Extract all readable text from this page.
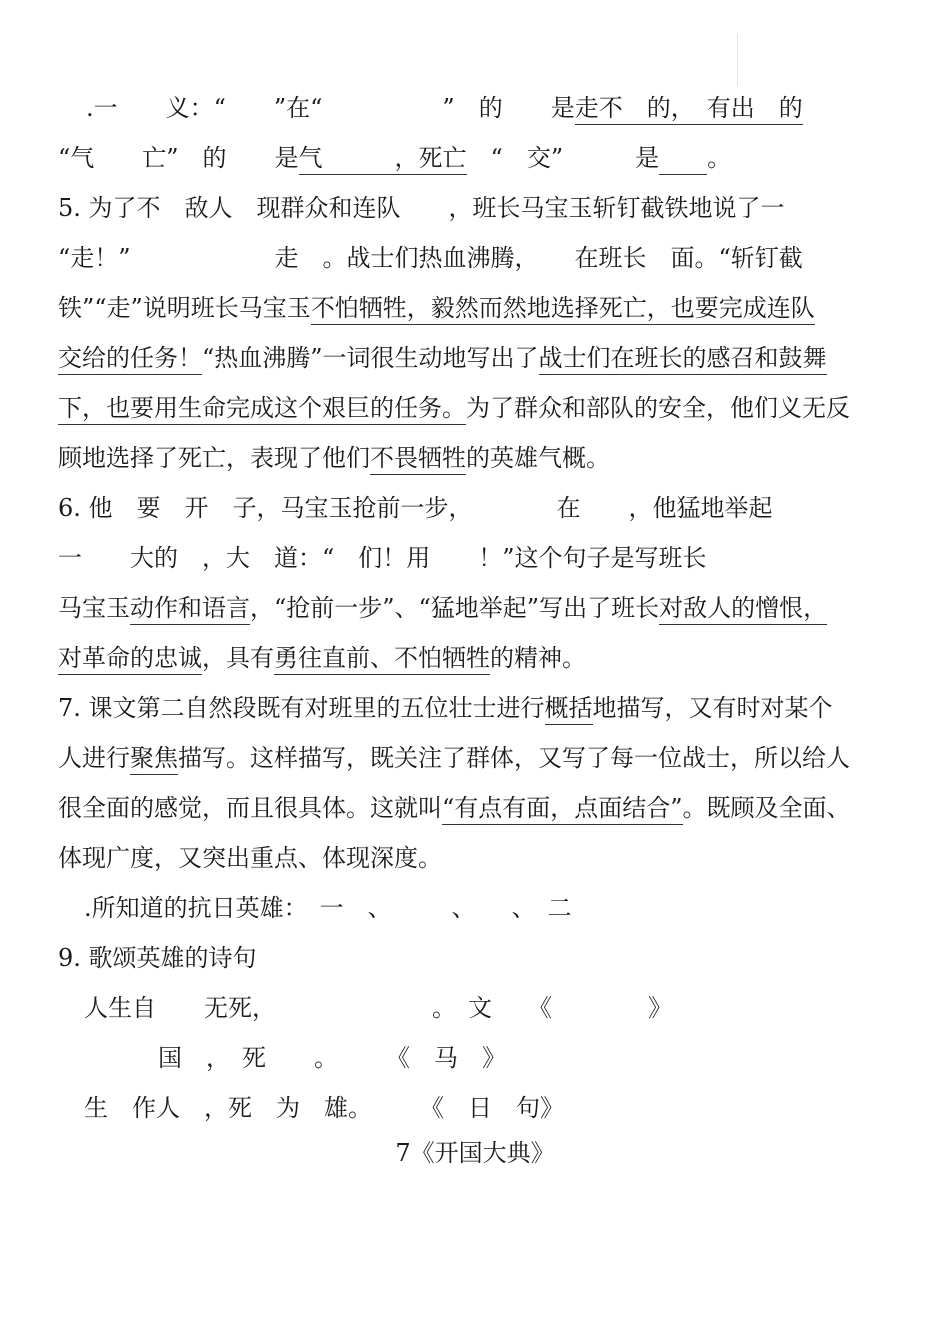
.一　　义：“　　”在“　　　　　”　的　　是走不　的，　有出　的
“气　　亡”　的　　是气　　　，死亡　“　交”　　　是　　 。
5. 为了不　敌人　现群众和连队　　，班长马宝玉斩钉截铁地说了一
“走！”　　　　　　走　。战士们热血沸腾，　　在班长　面。“斩钉截
铁”“走”说明班长马宝玉不怕牺牲，毅然而然地选择死亡，也要完成连队
交给的任务！“热血沸腾”一词很生动地写出了战士们在班长的感召和鼓舞
下，也要用生命完成这个艰巨的任务。为了群众和部队的安全，他们义无反
顾地选择了死亡，表现了他们不畏牺牲的英雄气概。
6. 他　要　开　子，马宝玉抢前一步，　　　　在　　，他猛地举起
一　　大的　，大　道：“　们！用　　！”这个句子是写班长
马宝玉动作和语言，“抢前一步”、“猛地举起”写出了班长对敌人的憎恨，
对革命的忠诚，具有勇往直前、不怕牺牲的精神。
7. 课文第二自然段既有对班里的五位壮士进行概括地描写，又有时对某个
人进行聚焦描写。这样描写，既关注了群体，又写了每一位战士，所以给人
很全面的感觉，而且很具体。这就叫“有点有面，点面结合”。既顾及全面、
体现广度，又突出重点、体现深度。
.所知道的抗日英雄：　一　、　　　、　　、　二
9. 歌颂英雄的诗句
人生自　　无死，　　　　　　　。　文　　《　　　　》
国　，　死　　。　　　《　马　》
生　作人　，死　为　雄。　　　《　日　句》
7《开国大典》
